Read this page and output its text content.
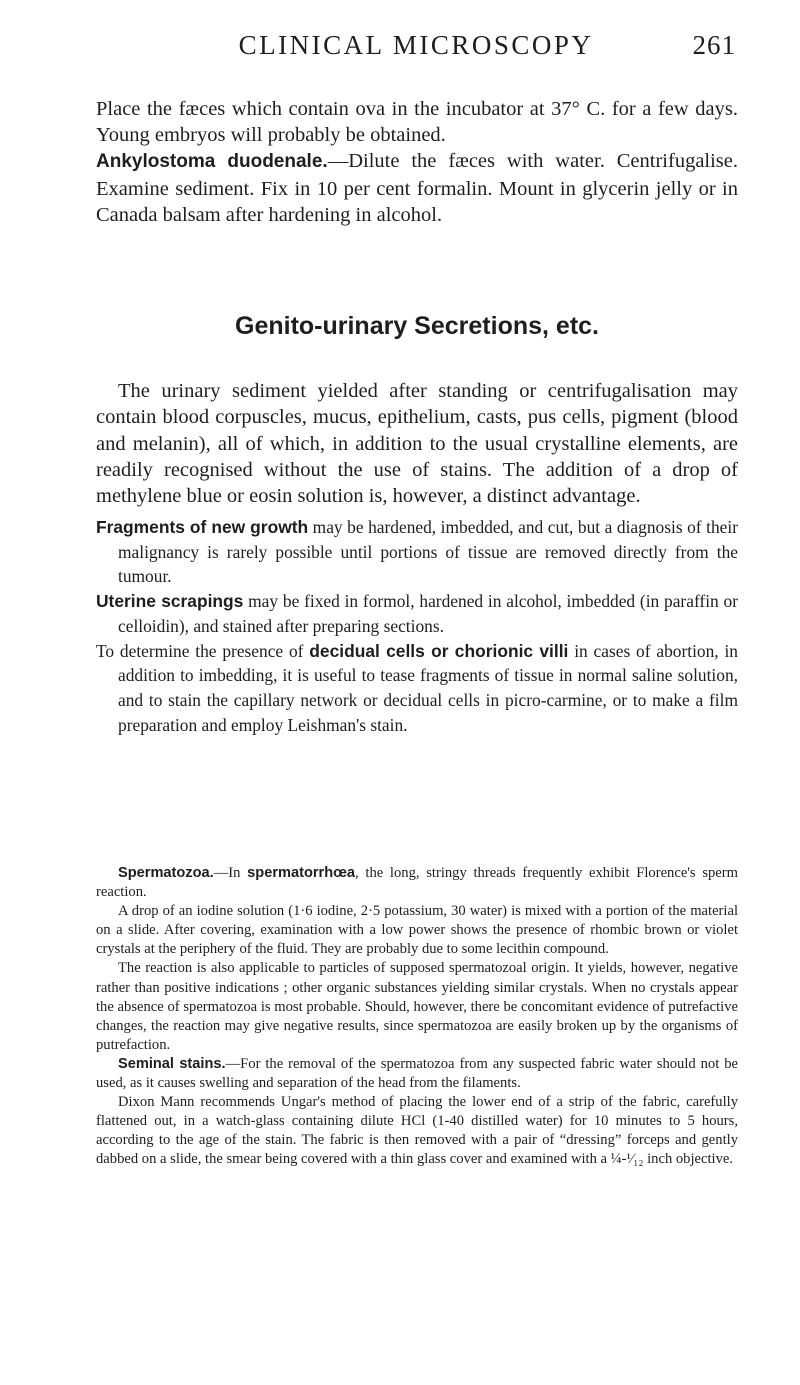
CLINICAL MICROSCOPY	261

Place the fæces which contain ova in the incubator at 37° C. for a few days. Young embryos will probably be obtained.
Ankylostoma duodenale.—Dilute the fæces with water. Centrifugalise. Examine sediment. Fix in 10 per cent formalin. Mount in glycerin jelly or in Canada balsam after hardening in alcohol.

Genito-urinary Secretions, etc.

The urinary sediment yielded after standing or centrifugalisation may contain blood corpuscles, mucus, epithelium, casts, pus cells, pigment (blood and melanin), all of which, in addition to the usual crystalline elements, are readily recognised without the use of stains. The addition of a drop of methylene blue or eosin solution is, however, a distinct advantage.

Fragments of new growth may be hardened, imbedded, and cut, but a diagnosis of their malignancy is rarely possible until portions of tissue are removed directly from the tumour.

Uterine scrapings may be fixed in formol, hardened in alcohol, imbedded (in paraffin or celloidin), and stained after preparing sections.

To determine the presence of decidual cells or chorionic villi in cases of abortion, in addition to imbedding, it is useful to tease fragments of tissue in normal saline solution, and to stain the capillary network or decidual cells in picro-carmine, or to make a film preparation and employ Leishman's stain.

Spermatozoa.—In spermatorrhœa, the long, stringy threads frequently exhibit Florence's sperm reaction.

A drop of an iodine solution (1·6 iodine, 2·5 potassium, 30 water) is mixed with a portion of the material on a slide. After covering, examination with a low power shows the presence of rhombic brown or violet crystals at the periphery of the fluid. They are probably due to some lecithin compound.

The reaction is also applicable to particles of supposed spermatozoal origin. It yields, however, negative rather than positive indications ; other organic substances yielding similar crystals. When no crystals appear the absence of spermatozoa is most probable. Should, however, there be concomitant evidence of putrefactive changes, the reaction may give negative results, since spermatozoa are easily broken up by the organisms of putrefaction.

Seminal stains.—For the removal of the spermatozoa from any suspected fabric water should not be used, as it causes swelling and separation of the head from the filaments.

Dixon Mann recommends Ungar's method of placing the lower end of a strip of the fabric, carefully flattened out, in a watch-glass containing dilute HCl (1-40 distilled water) for 10 minutes to 5 hours, according to the age of the stain. The fabric is then removed with a pair of “dressing” forceps and gently dabbed on a slide, the smear being covered with a thin glass cover and examined with a ¼-¹⁄₁₂ inch objective.
